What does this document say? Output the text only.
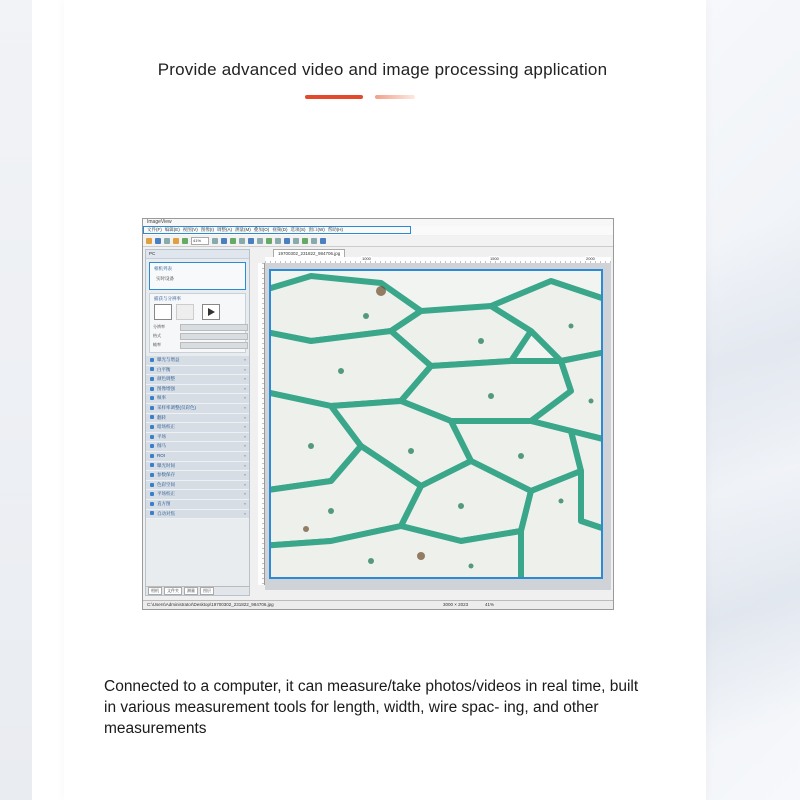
Provide advanced video and image processing application
ImageView
文件(F) 编辑(E) 视图(V) 图像(I) 调整(A) 测量(M) 叠加(O) 视频(D) 选项(S) 窗口(W) 帮助(H)
41%
PC
相机列表
实时设备
捕获与分辨率
分辨率
格式
帧率
曝光与增益 »
白平衡 »
颜色调整 »
图像增强 »
帧率 »
采样率调整(仅彩色) »
翻转 »
暗场校正 »
平场 »
伽马 »
ROI »
曝光时间 »
参数保存 »
色彩空间 »
平场校正 »
直方图 »
自动对焦 »
相机	文件夹	测量	图层
19700302_231822_984706.jpg
1000	1500	2000
C:\Users\Administrator\Desktop\19700302_231822_984706.jpg	3000 × 2023	41%
Connected to a computer, it can measure/take photos/videos in real time, built in various measurement tools for length, width, wire spac- ing, and other measurements
